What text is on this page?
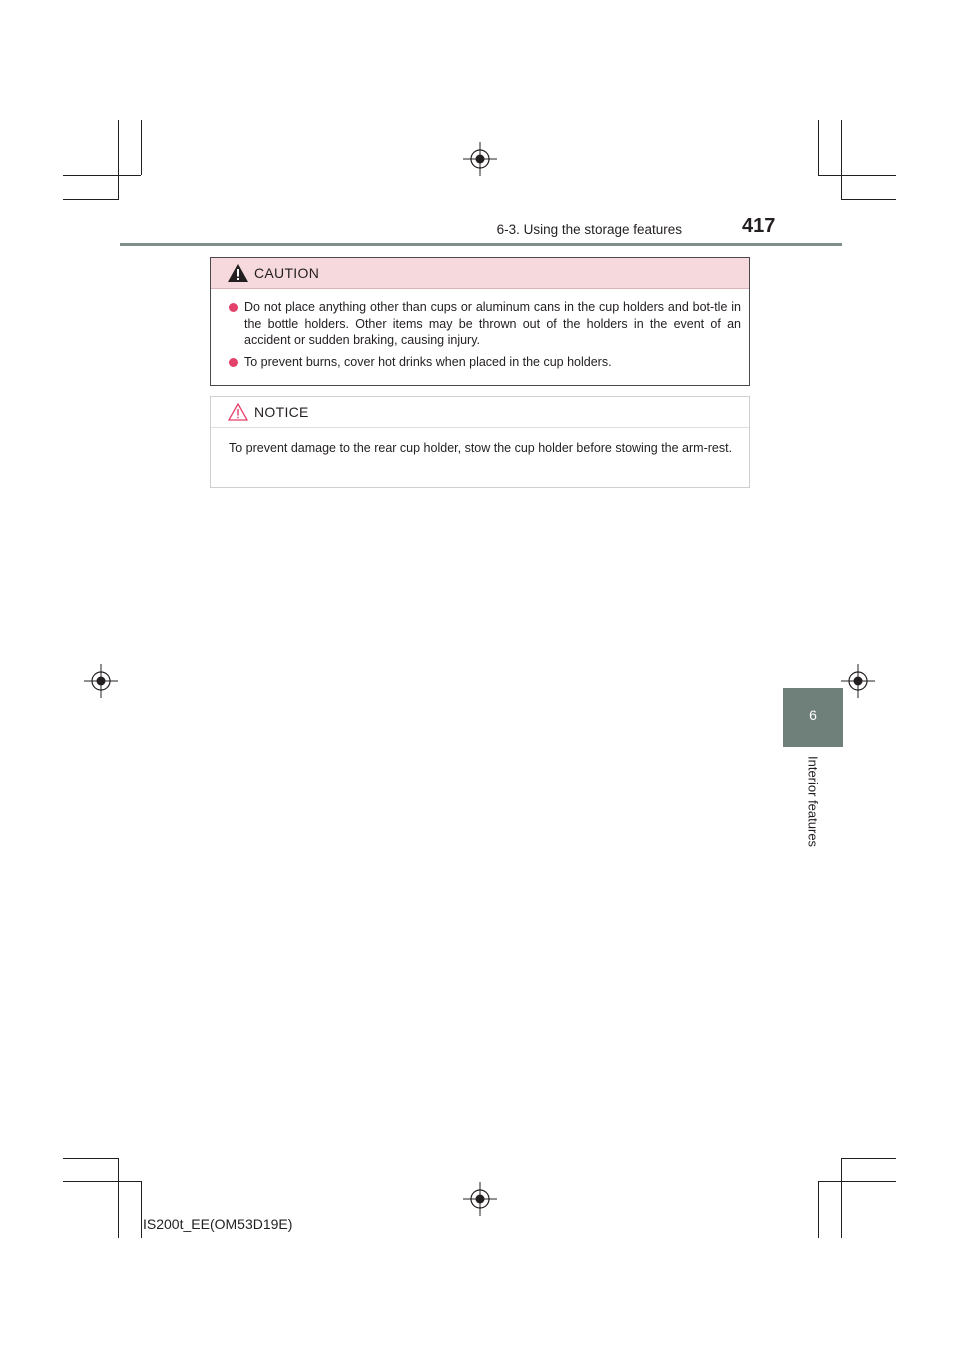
6-3. Using the storage features	417
CAUTION
Do not place anything other than cups or aluminum cans in the cup holders and bot-tle in the bottle holders. Other items may be thrown out of the holders in the event of an accident or sudden braking, causing injury.
To prevent burns, cover hot drinks when placed in the cup holders.
NOTICE
To prevent damage to the rear cup holder, stow the cup holder before stowing the arm-rest.
6
Interior features
IS200t_EE(OM53D19E)
